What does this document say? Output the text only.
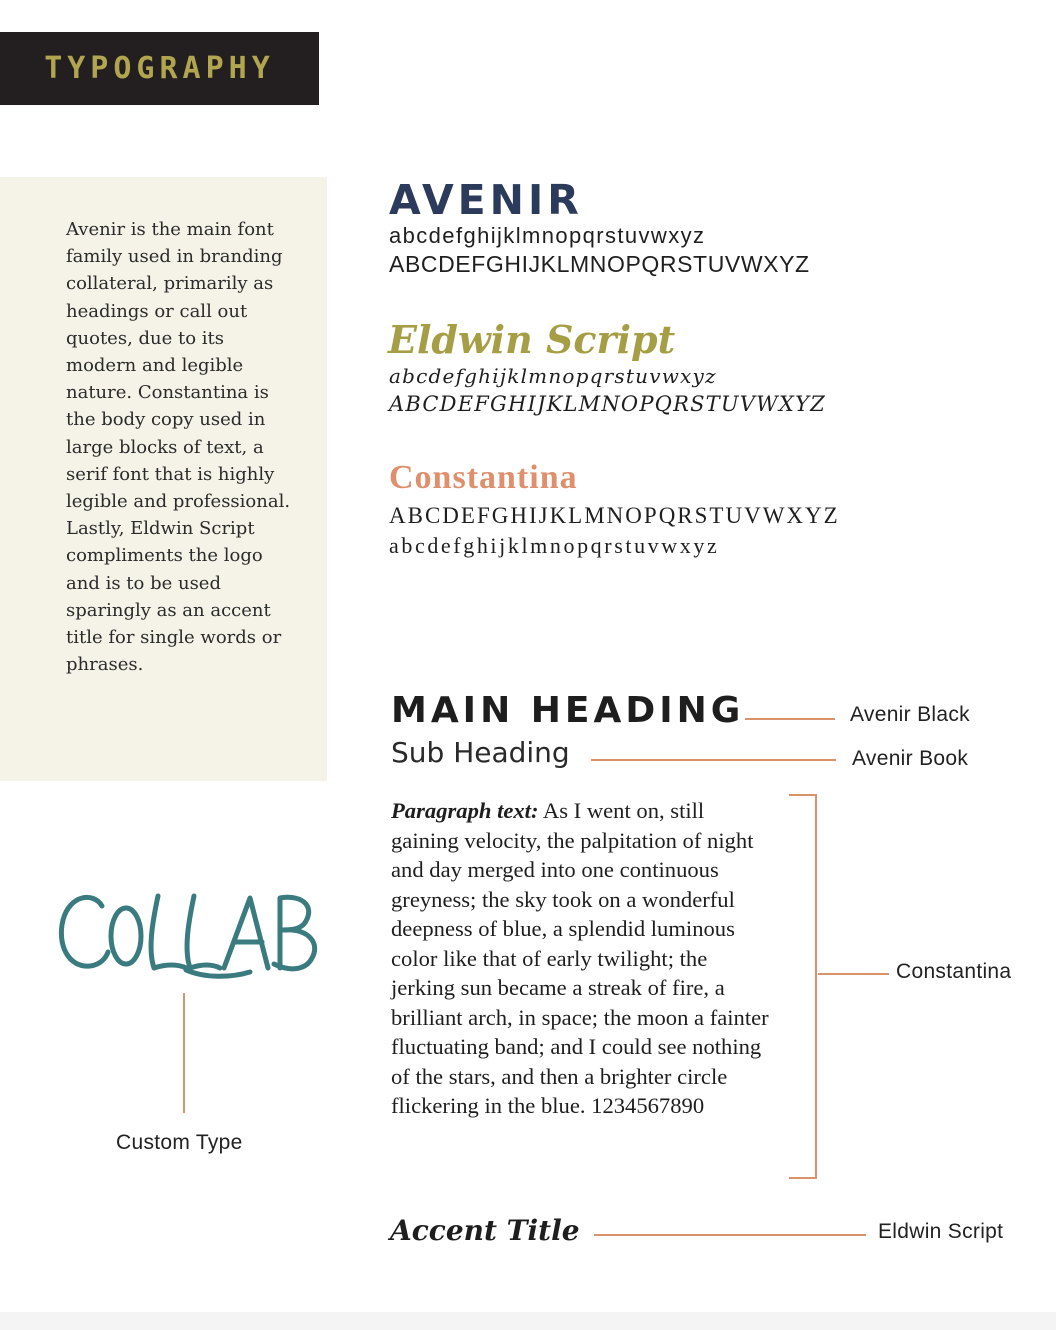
TYPOGRAPHY

Avenir is the main font family used in branding collateral, primarily as headings or call out quotes, due to its modern and legible nature. Constantina is the body copy used in large blocks of text, a serif font that is highly legible and professional. Lastly, Eldwin Script compliments the logo and is to be used sparingly as an accent title for single words or phrases.

AVENIR
abcdefghijklmnopqrstuvwxyz
ABCDEFGHIJKLMNOPQRSTUVWXYZ
Eldwin Script
abcdefghijklmnopqrstuvwxyz
ABCDEFGHIJKLMNOPQRSTUVWXYZ
Constantina
ABCDEFGHIJKLMNOPQRSTUVWXYZ
abcdefghijklmnopqrstuvwxyz
MAIN HEADING	Avenir Black
Sub Heading	Avenir Book

Paragraph text: As I went on, still gaining velocity, the palpitation of night and day merged into one continuous greyness; the sky took on a wonderful deepness of blue, a splendid luminous color like that of early twilight; the jerking sun became a streak of fire, a brilliant arch, in space; the moon a fainter fluctuating band; and I could see nothing of the stars, and then a brighter circle flickering in the blue. 1234567890

Constantina
Accent Title	Eldwin Script
Custom Type
